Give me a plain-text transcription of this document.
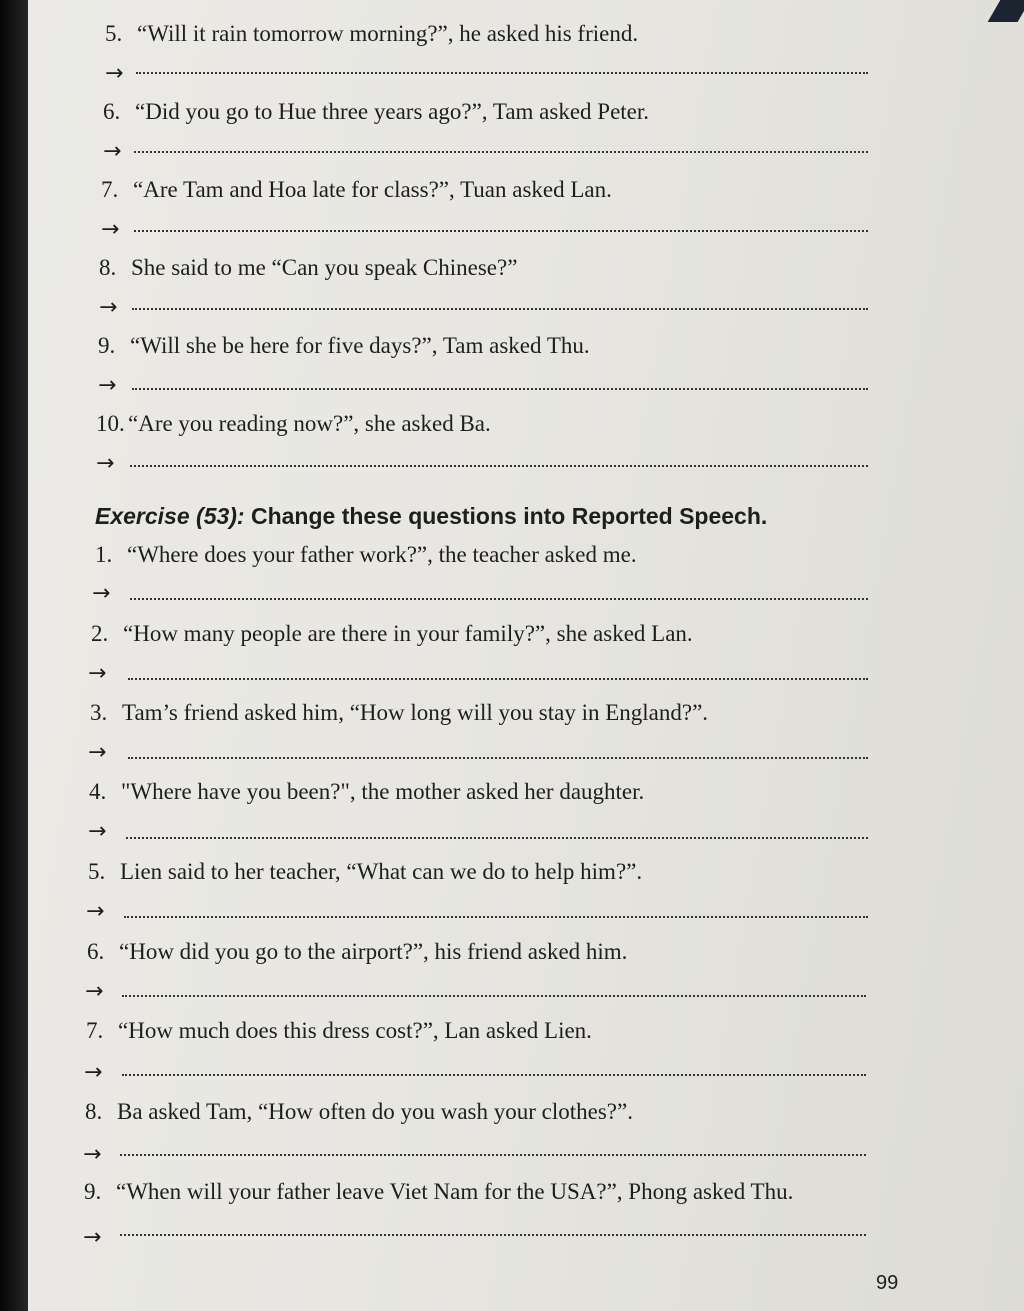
Exercise (53): Change these questions into Reported Speech.
99
5. “Will it rain tomorrow morning?”, he asked his friend.
→
6. “Did you go to Hue three years ago?”, Tam asked Peter.
→
7. “Are Tam and Hoa late for class?”, Tuan asked Lan.
→
8. She said to me “Can you speak Chinese?”
→
9. “Will she be here for five days?”, Tam asked Thu.
→
10. “Are you reading now?”, she asked Ba.
→
1. “Where does your father work?”, the teacher asked me.
→
2. “How many people are there in your family?”, she asked Lan.
→
3. Tam’s friend asked him, “How long will you stay in England?”.
→
4. "Where have you been?", the mother asked her daughter.
→
5. Lien said to her teacher, “What can we do to help him?”.
→
6. “How did you go to the airport?”, his friend asked him.
→
7. “How much does this dress cost?”, Lan asked Lien.
→
8. Ba asked Tam, “How often do you wash your clothes?”.
→
9. “When will your father leave Viet Nam for the USA?”, Phong asked Thu.
→
